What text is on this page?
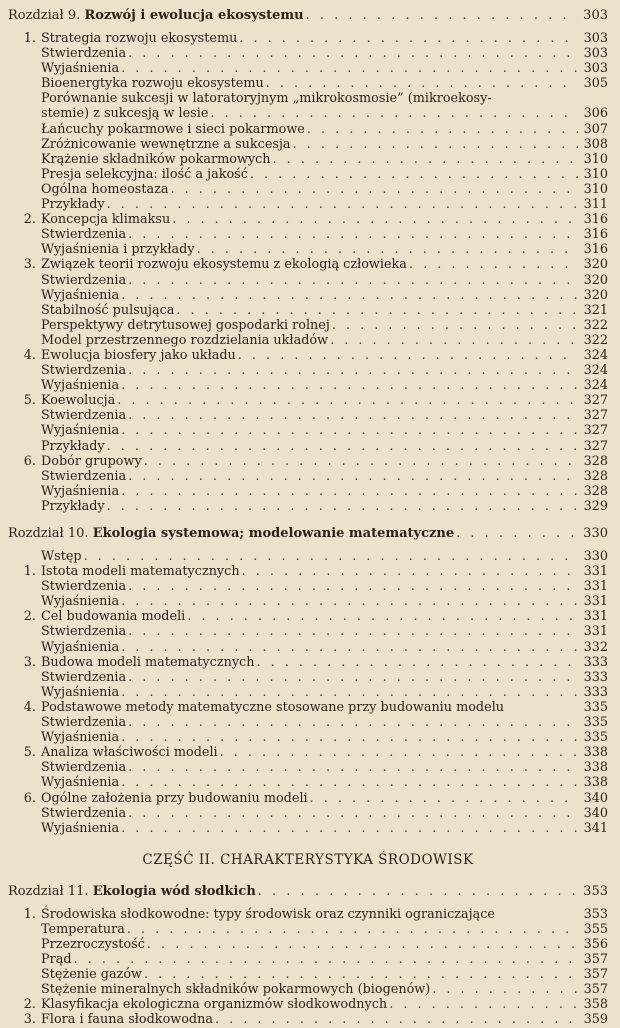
Rozdział 9. Rozwój i ewolucja ekosystemu . . .	303
1. Strategia rozwoju ekosystemu . . .	303
Stwierdzenia . . .	303
Wyjaśnienia . . .	303
Bioenergtyka rozwoju ekosystemu . . .	305
Porównanie sukcesji w latoratoryjnym „mikrokosmosie” (mikroekosy-
stemie) z sukcesją w lesie . . .	306
Łańcuchy pokarmowe i sieci pokarmowe . . .	307
Zróżnicowanie wewnętrzne a sukcesja . . .	308
Krążenie składników pokarmowych . . .	310
Presja selekcyjna: ilość a jakość . . .	310
Ogólna homeostaza . . .	310
Przykłady . . .	311
2. Koncepcja klimaksu . . .	316
Stwierdzenia . . .	316
Wyjaśnienia i przykłady . . .	316
3. Związek teorii rozwoju ekosystemu z ekologią człowieka . . .	320
Stwierdzenia . . .	320
Wyjaśnienia . . .	320
Stabilność pulsująca . . .	321
Perspektywy detrytusowej gospodarki rolnej . . .	322
Model przestrzennego rozdzielania układów . . .	322
4. Ewolucja biosfery jako układu . . .	324
Stwierdzenia . . .	324
Wyjaśnienia . . .	324
5. Koewolucja . . .	327
Stwierdzenia . . .	327
Wyjaśnienia . . .	327
Przykłady . . .	327
6. Dobór grupowy . . .	328
Stwierdzenia . . .	328
Wyjaśnienia . . .	328
Przykłady . . .	329
Rozdział 10. Ekologia systemowa; modelowanie matematyczne . . .	330
Wstęp . . .	330
1. Istota modeli matematycznych . . .	331
Stwierdzenia . . .	331
Wyjaśnienia . . .	331
2. Cel budowania modeli . . .	331
Stwierdzenia . . .	331
Wyjaśnienia . . .	332
3. Budowa modeli matematycznych . . .	333
Stwierdzenia . . .	333
Wyjaśnienia . . .	333
4. Podstawowe metody matematyczne stosowane przy budowaniu modelu	335
Stwierdzenia . . .	335
Wyjaśnienia . . .	335
5. Analiza właściwości modeli . . .	338
Stwierdzenia . . .	338
Wyjaśnienia . . .	338
6. Ogólne założenia przy budowaniu modeli . . .	340
Stwierdzenia . . .	340
Wyjaśnienia . . .	341
CZĘŚĆ II. CHARAKTERYSTYKA ŚRODOWISK
Rozdział 11. Ekologia wód słodkich . . .	353
1. Środowiska słodkowodne: typy środowisk oraz czynniki ograniczające	353
Temperatura . . .	355
Przezroczystość . . .	356
Prąd . . .	357
Stężenie gazów . . .	357
Stężenie mineralnych składników pokarmowych (biogenów) . . .	357
2. Klasyfikacja ekologiczna organizmów słodkowodnych . . .	358
3. Flora i fauna słodkowodna . . .	359
